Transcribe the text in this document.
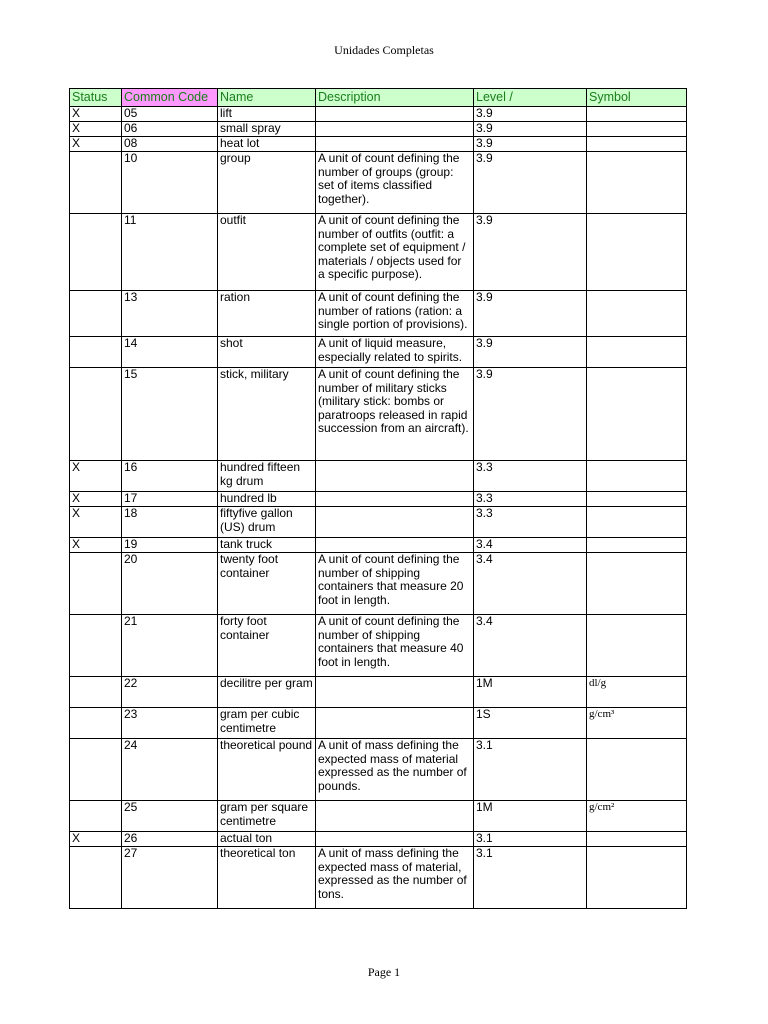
Unidades Completas
Status	Common Code	Name	Description	Level /	Symbol

X	05	lift		3.9	

X	06	small spray		3.9	

X	08	heat lot		3.9	

	10	group	A unit of count defining the number of groups (group: set of items classified together).	3.9	

	11	outfit	A unit of count defining the number of outfits (outfit: a complete set of equipment / materials / objects used for a specific purpose).	3.9	

	13	ration	A unit of count defining the number of rations (ration: a single portion of provisions).	3.9	

	14	shot	A unit of liquid measure, especially related to spirits.	3.9	

	15	stick, military	A unit of count defining the number of military sticks (military stick: bombs or paratroops released in rapid succession from an aircraft).	3.9	

X	16	hundred fifteen kg drum		3.3	

X	17	hundred lb		3.3	

X	18	fiftyfive gallon (US) drum		3.3	

X	19	tank truck		3.4	

	20	twenty foot container	A unit of count defining the number of shipping containers that measure 20 foot in length.	3.4	

	21	forty foot container	A unit of count defining the number of shipping containers that measure 40 foot in length.	3.4	

	22	decilitre per gram		1M	dl/g

	23	gram per cubic centimetre		1S	g/cm³

	24	theoretical pound	A unit of mass defining the expected mass of material expressed as the number of pounds.	3.1	

	25	gram per square centimetre		1M	g/cm²

X	26	actual ton		3.1	

	27	theoretical ton	A unit of mass defining the expected mass of material, expressed as the number of tons.	3.1	

Page 1
